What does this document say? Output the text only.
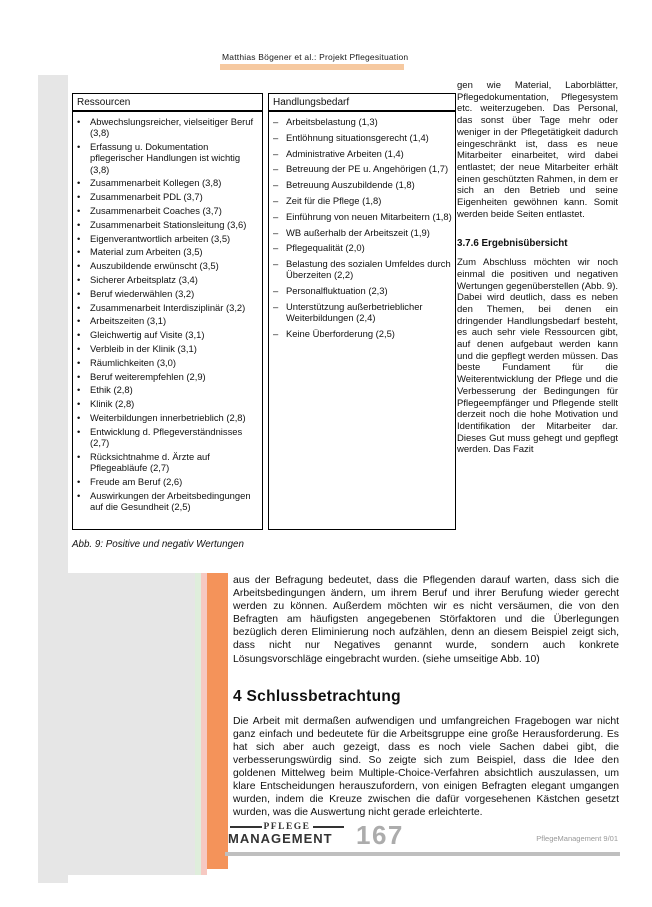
Matthias Bögener et al.: Projekt Pflegesituation
Ressourcen
•	Abwechslungsreicher, vielseitiger Beruf (3,8)
•	Erfassung u. Dokumentation pflegerischer Handlungen ist wichtig (3,8)
•	Zusammenarbeit Kollegen (3,8)
•	Zusammenarbeit PDL (3,7)
•	Zusammenarbeit Coaches (3,7)
•	Zusammenarbeit Stationsleitung (3,6)
•	Eigenverantwortlich arbeiten (3,5)
•	Material zum Arbeiten (3,5)
•	Auszubildende erwünscht (3,5)
•	Sicherer Arbeitsplatz (3,4)
•	Beruf wiederwählen (3,2)
•	Zusammenarbeit Interdisziplinär (3,2)
•	Arbeitszeiten (3,1)
•	Gleichwertig auf Visite (3,1)
•	Verbleib in der Klinik (3,1)
•	Räumlichkeiten (3,0)
•	Beruf weiterempfehlen (2,9)
•	Ethik (2,8)
•	Klinik (2,8)
•	Weiterbildungen innerbetrieblich (2,8)
•	Entwicklung d. Pflegeverständnisses (2,7)
•	Rücksichtnahme d. Ärzte auf Pflegeabläufe (2,7)
•	Freude am Beruf (2,6)
•	Auswirkungen der Arbeitsbedingungen auf die Gesundheit (2,5)
Handlungsbedarf
– Arbeitsbelastung (1,3)
– Entlöhnung situationsgerecht (1,4)
– Administrative Arbeiten (1,4)
– Betreuung der PE u. Angehörigen (1,7)
– Betreuung Auszubildende (1,8)
– Zeit für die Pflege (1,8)
– Einführung von neuen Mitarbeitern (1,8)
– WB außerhalb der Arbeitszeit (1,9)
– Pflegequalität (2,0)
– Belastung des sozialen Umfeldes durch Überzeiten (2,2)
– Personalfluktuation (2,3)
– Unterstützung außerbetrieblicher Weiterbildungen (2,4)
– Keine Überforderung (2,5)
Abb. 9: Positive und negativ Wertungen

gen wie Material, Laborblätter, Pflegedokumentation, Pflegesystem etc. weiterzugeben. Das Personal, das sonst über Tage mehr oder weniger in der Pflegetätigkeit dadurch eingeschränkt ist, dass es neue Mitarbeiter einarbeitet, wird dabei entlastet; der neue Mitarbeiter erhält einen geschützten Rahmen, in dem er sich an den Betrieb und seine Eigenheiten gewöhnen kann. Somit werden beide Seiten entlastet.

3.7.6 Ergebnisübersicht

Zum Abschluss möchten wir noch einmal die positiven und negativen Wertungen gegenüberstellen (Abb. 9). Dabei wird deutlich, dass es neben den Themen, bei denen ein dringender Handlungsbedarf besteht, es auch sehr viele Ressourcen gibt, auf denen aufgebaut werden kann und die gepflegt werden müssen. Das beste Fundament für die Weiterentwicklung der Pflege und die Verbesserung der Bedingungen für Pflegeempfänger und Pflegende stellt derzeit noch die hohe Motivation und Identifikation der Mitarbeiter dar. Dieses Gut muss gehegt und gepflegt werden. Das Fazit

aus der Befragung bedeutet, dass die Pflegenden darauf warten, dass sich die Arbeitsbedingungen ändern, um ihrem Beruf und ihrer Berufung wieder gerecht werden zu können. Außerdem möchten wir es nicht versäumen, die von den Befragten am häufigsten angegebenen Störfaktoren und die Überlegungen bezüglich deren Eliminierung noch aufzählen, denn an diesem Beispiel zeigt sich, dass nicht nur Negatives genannt wurde, sondern auch konkrete Lösungsvorschläge eingebracht wurden. (siehe umseitige Abb. 10)

4 Schlussbetrachtung

Die Arbeit mit dermaßen aufwendigen und umfangreichen Fragebogen war nicht ganz einfach und bedeutete für die Arbeitsgruppe eine große Herausforderung. Es hat sich aber auch gezeigt, dass es noch viele Sachen dabei gibt, die verbesserungswürdig sind. So zeigte sich zum Beispiel, dass die Idee den goldenen Mittelweg beim Multiple-Choice-Verfahren absichtlich auszulassen, um klare Entscheidungen herauszufordern, von einigen Befragten elegant umgangen wurden, indem die Kreuze zwischen die dafür vorgesehenen Kästchen gesetzt wurden, was die Auswertung nicht gerade erleichterte.

PFLEGE
MANAGEMENT 167	PflegeManagement 9/01
